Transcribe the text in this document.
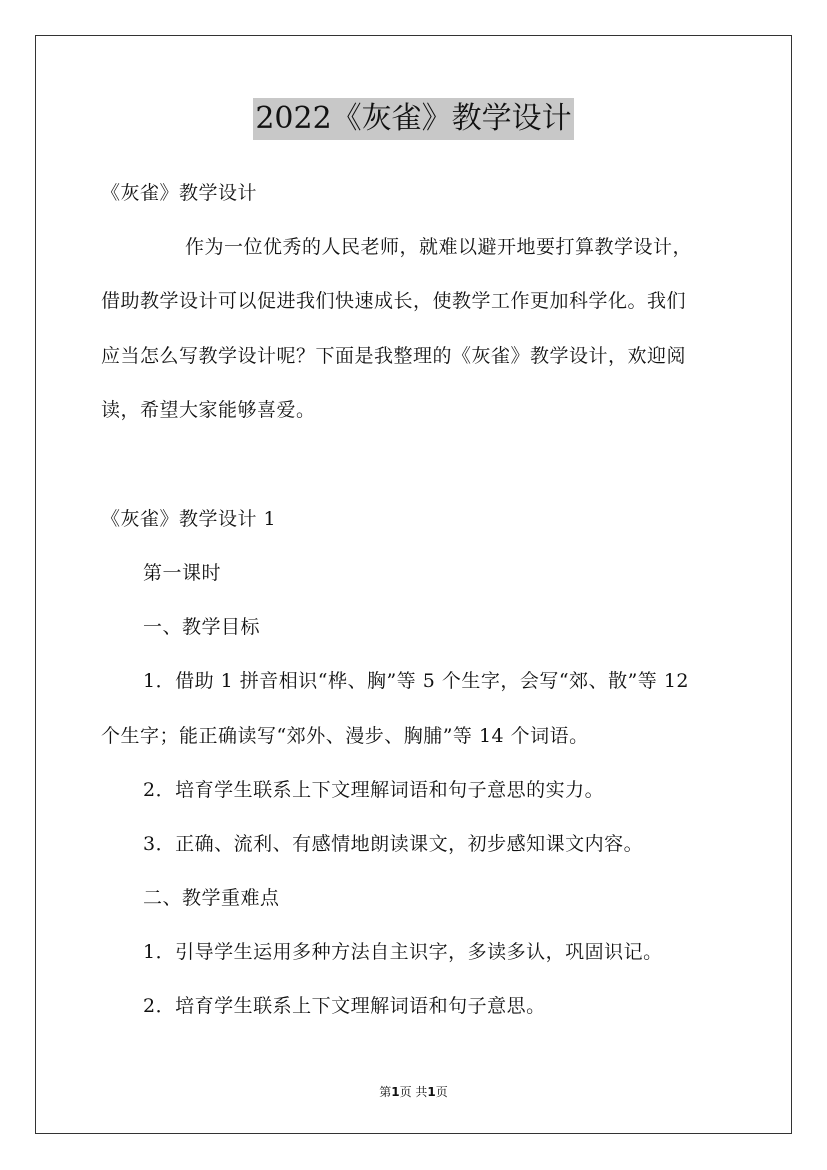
2022《灰雀》教学设计
《灰雀》教学设计
作为一位优秀的人民老师，就难以避开地要打算教学设计，
借助教学设计可以促进我们快速成长，使教学工作更加科学化。我们
应当怎么写教学设计呢？下面是我整理的《灰雀》教学设计，欢迎阅
读，希望大家能够喜爱。
《灰雀》教学设计 1
第一课时
一、教学目标
1．借助 1 拼音相识“桦、胸”等 5 个生字，会写“郊、散”等 12
个生字；能正确读写“郊外、漫步、胸脯”等 14 个词语。
2．培育学生联系上下文理解词语和句子意思的实力。
3．正确、流利、有感情地朗读课文，初步感知课文内容。
二、教学重难点
1．引导学生运用多种方法自主识字，多读多认，巩固识记。
2．培育学生联系上下文理解词语和句子意思。
第1页 共1页
